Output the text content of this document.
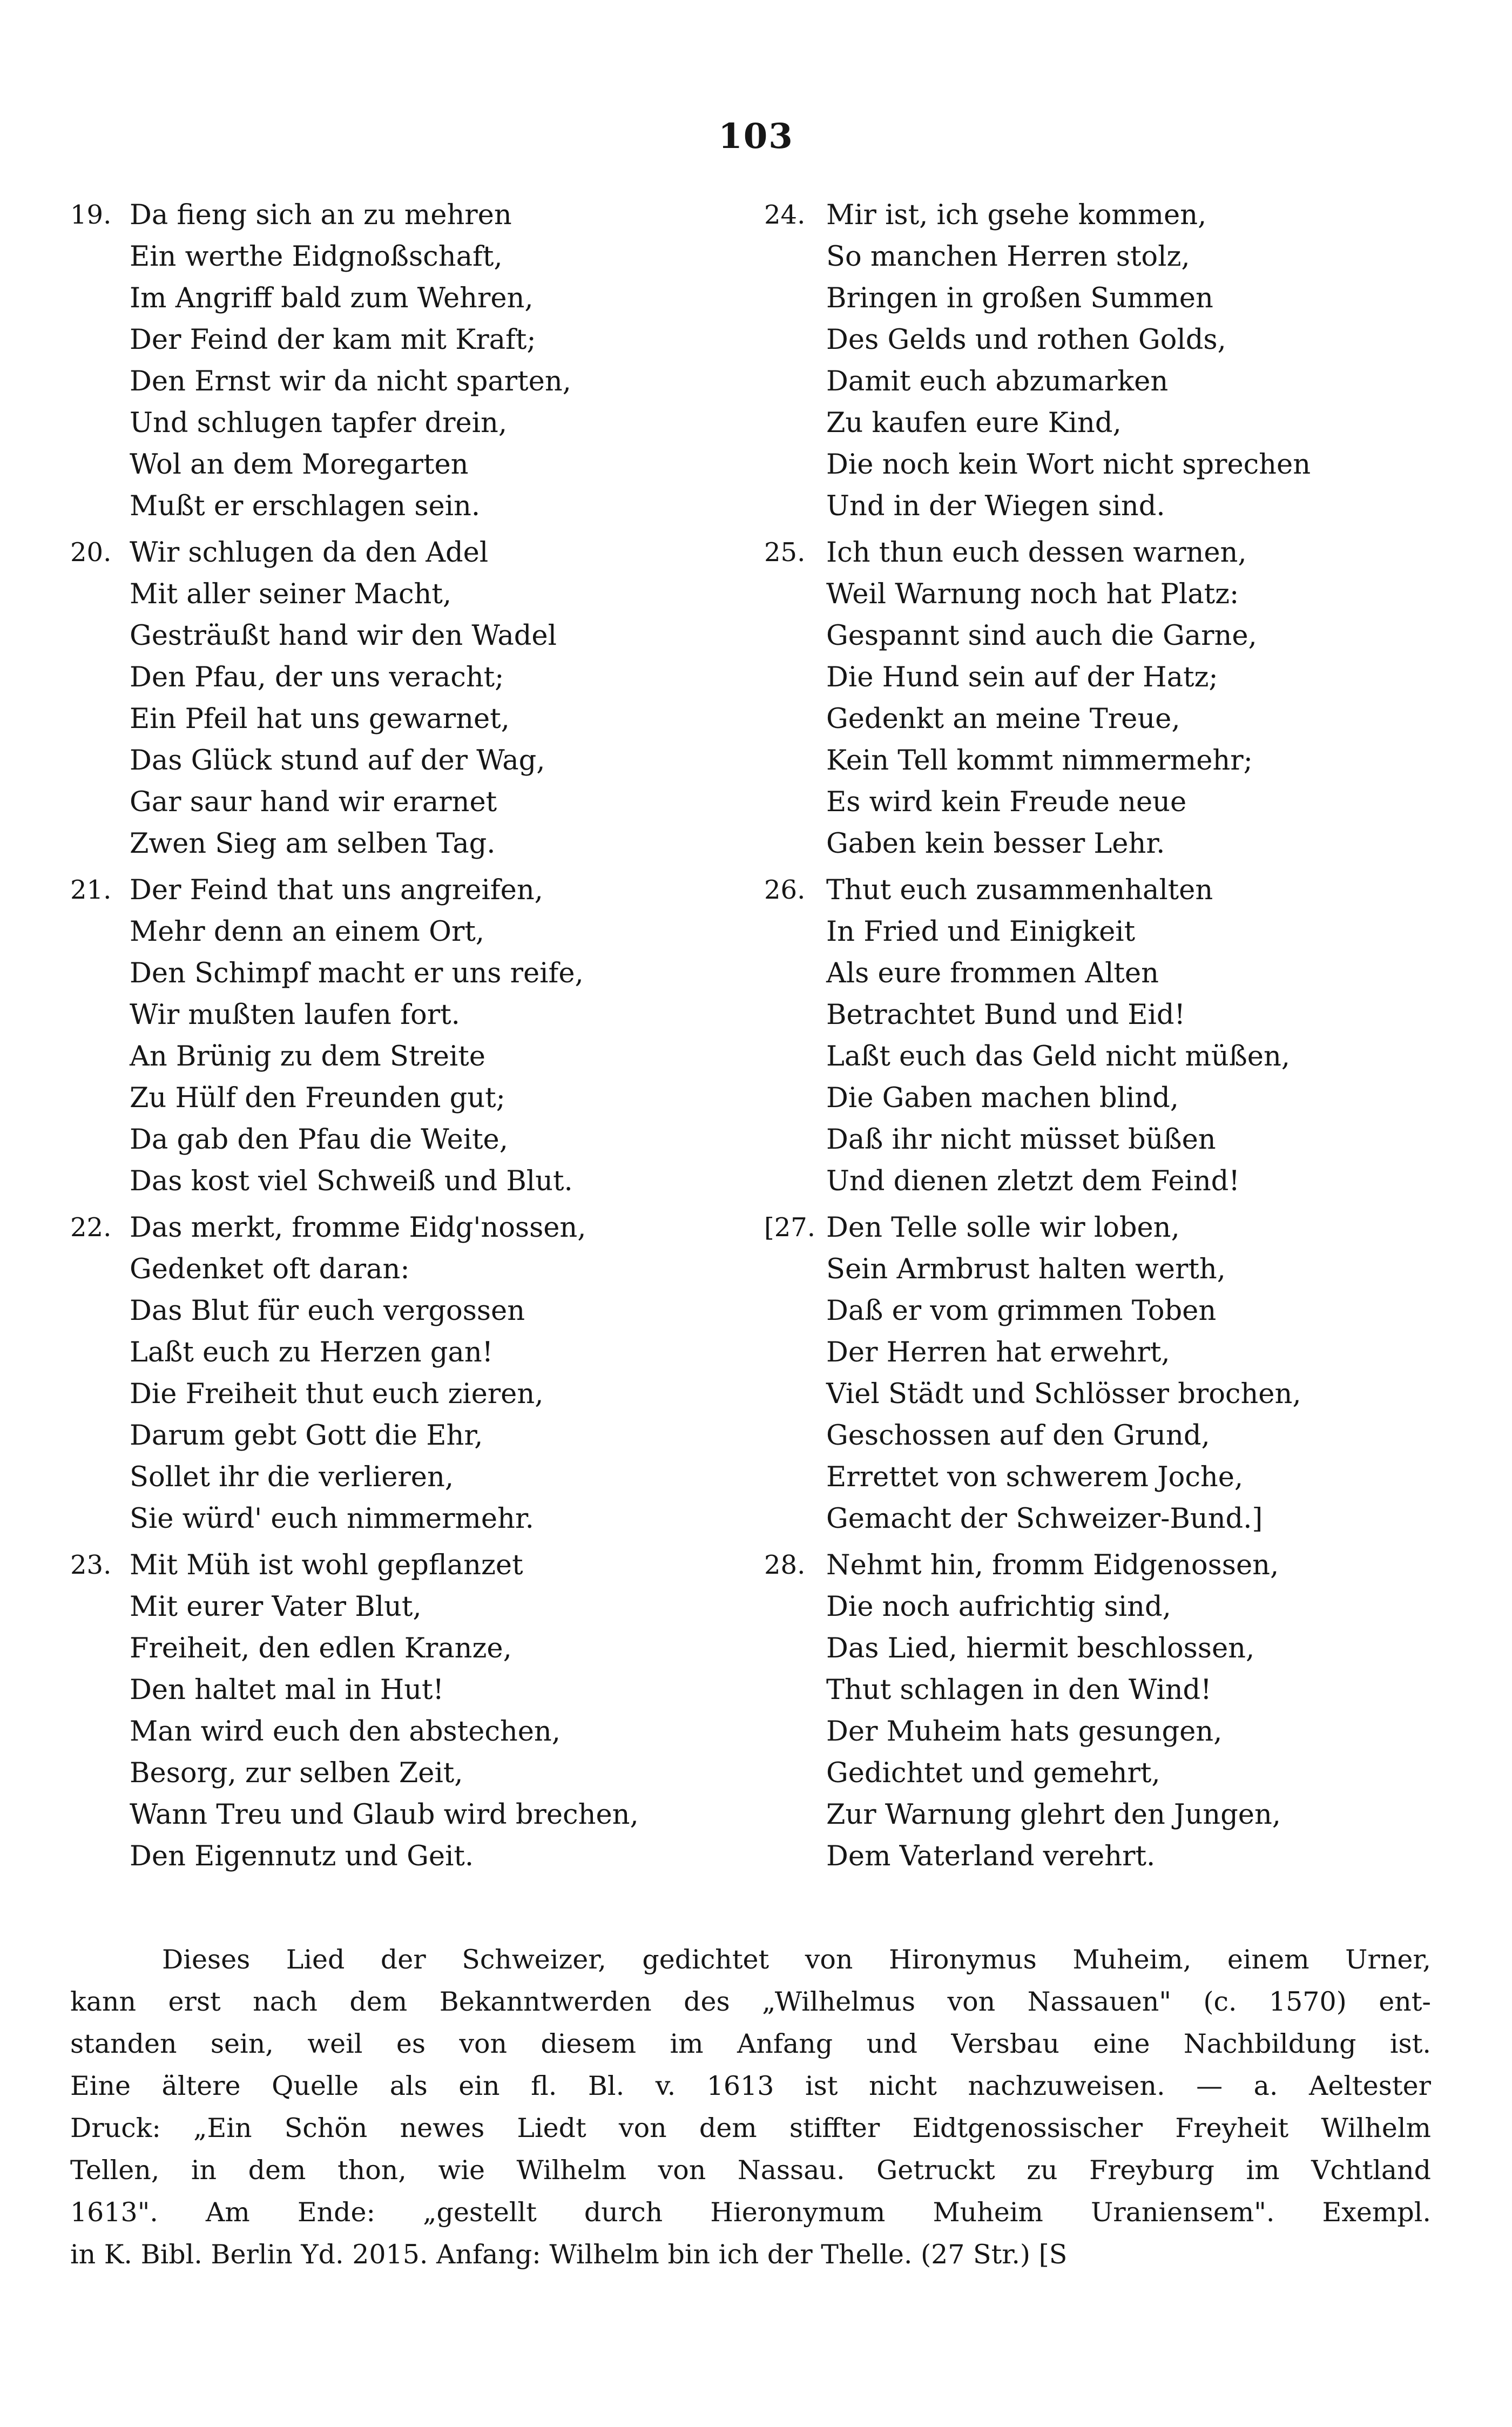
103
19. Da fieng sich an zu mehren
Ein werthe Eidgnoßschaft,
Im Angriff bald zum Wehren,
Der Feind der kam mit Kraft;
Den Ernst wir da nicht sparten,
Und schlugen tapfer drein,
Wol an dem Moregarten
Mußt er erschlagen sein.
20. Wir schlugen da den Adel
Mit aller seiner Macht,
Gesträußt hand wir den Wadel
Den Pfau, der uns veracht;
Ein Pfeil hat uns gewarnet,
Das Glück stund auf der Wag,
Gar saur hand wir erarnet
Zwen Sieg am selben Tag.
21. Der Feind that uns angreifen,
Mehr denn an einem Ort,
Den Schimpf macht er uns reife,
Wir mußten laufen fort.
An Brünig zu dem Streite
Zu Hülf den Freunden gut;
Da gab den Pfau die Weite,
Das kost viel Schweiß und Blut.
22. Das merkt, fromme Eidg'nossen,
Gedenket oft daran:
Das Blut für euch vergossen
Laßt euch zu Herzen gan!
Die Freiheit thut euch zieren,
Darum gebt Gott die Ehr,
Sollet ihr die verlieren,
Sie würd' euch nimmermehr.
23. Mit Müh ist wohl gepflanzet
Mit eurer Vater Blut,
Freiheit, den edlen Kranze,
Den haltet mal in Hut!
Man wird euch den abstechen,
Besorg, zur selben Zeit,
Wann Treu und Glaub wird brechen,
Den Eigennutz und Geit.
24. Mir ist, ich gsehe kommen,
So manchen Herren stolz,
Bringen in großen Summen
Des Gelds und rothen Golds,
Damit euch abzumarken
Zu kaufen eure Kind,
Die noch kein Wort nicht sprechen
Und in der Wiegen sind.
25. Ich thun euch dessen warnen,
Weil Warnung noch hat Platz:
Gespannt sind auch die Garne,
Die Hund sein auf der Hatz;
Gedenkt an meine Treue,
Kein Tell kommt nimmermehr;
Es wird kein Freude neue
Gaben kein besser Lehr.
26. Thut euch zusammenhalten
In Fried und Einigkeit
Als eure frommen Alten
Betrachtet Bund und Eid!
Laßt euch das Geld nicht müßen,
Die Gaben machen blind,
Daß ihr nicht müsset büßen
Und dienen zletzt dem Feind!
[27. Den Telle solle wir loben,
Sein Armbrust halten werth,
Daß er vom grimmen Toben
Der Herren hat erwehrt,
Viel Städt und Schlösser brochen,
Geschossen auf den Grund,
Errettet von schwerem Joche,
Gemacht der Schweizer-Bund.]
28. Nehmt hin, fromm Eidgenossen,
Die noch aufrichtig sind,
Das Lied, hiermit beschlossen,
Thut schlagen in den Wind!
Der Muheim hats gesungen,
Gedichtet und gemehrt,
Zur Warnung glehrt den Jungen,
Dem Vaterland verehrt.
Dieses Lied der Schweizer, gedichtet von Hironymus Muheim, einem Urner,
kann erst nach dem Bekanntwerden des „Wilhelmus von Nassauen" (c. 1570) ent-
standen sein, weil es von diesem im Anfang und Versbau eine Nachbildung ist.
Eine ältere Quelle als ein fl. Bl. v. 1613 ist nicht nachzuweisen. — a. Aeltester
Druck: „Ein Schön newes Liedt von dem stiffter Eidtgenossischer Freyheit Wilhelm
Tellen, in dem thon, wie Wilhelm von Nassau. Getruckt zu Freyburg im Vchtland
1613". Am Ende: „gestellt durch Hieronymum Muheim Uraniensem". Exempl.
in K. Bibl. Berlin Yd. 2015. Anfang: Wilhelm bin ich der Thelle. (27 Str.) [S
